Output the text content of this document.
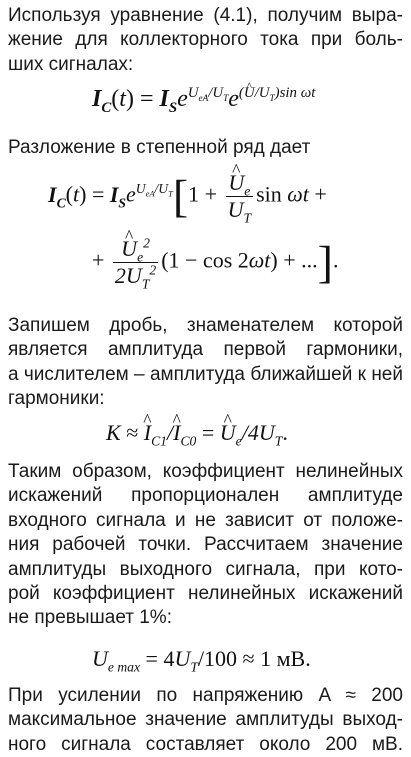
Используя уравнение (4.1), получим выра-
жение для коллекторного тока при боль-
ших сигналах:
$I_C(t) = I_Se^{U_{eA}/U_T}e^{(U/U_T)sin \omega t}$
Разложение в степенной ряд дает
$I_C(t) = I_Se^{U_{eA}/U_T}[1$ + ^ $\frac{U_e}{U_T}$ sin ωt +
+ ^ $\frac{U_e^2}{2U_T^2} (1 - \cos 2\omega t)$ + ...].
Запишем дробь, знаменателем которой
является амплитуда первой гармоники,
а числителем – амплитуда ближайшей к ней
гармоники:
K ≈ ^ $I_{C1}/\^{}$ $I_{C0}$ = ^ $U_e/4U_T$.
Таким образом, коэффициент нелинейных
искажений пропорционален амплитуде
входного сигнала и не зависит от положе-
ния рабочей точки. Рассчитаем значение
амплитуды выходного сигнала, при кото-
рой коэффициент нелинейных искажений
не превышает 1%:
$U_{e max} = 4U_T/100 \approx 1$ мВ.
При усилении по напряжению A ≈ 200
максимальное значение амплитуды выход-
ного сигнала составляет около 200 мВ.
